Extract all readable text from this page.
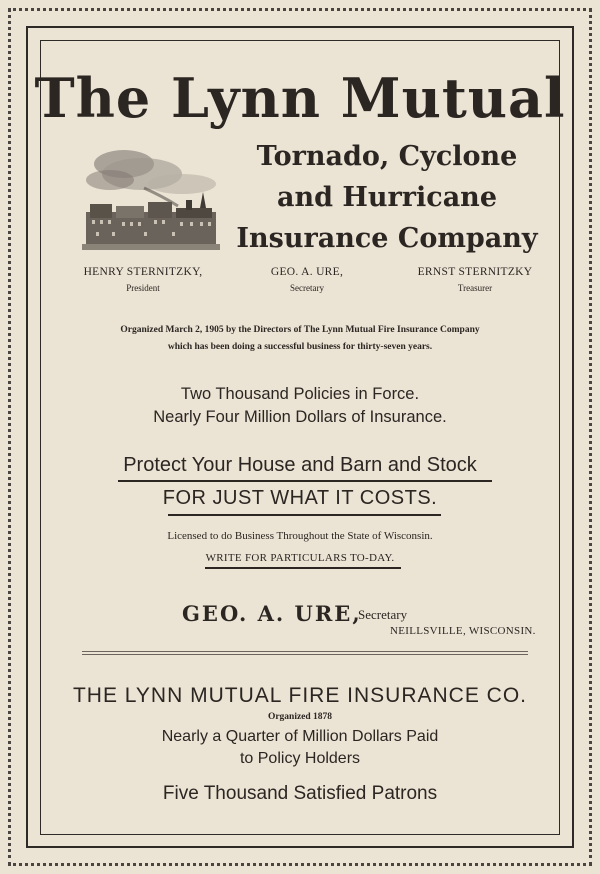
The Lynn Mutual
Tornado, Cyclone
and Hurricane
Insurance Company
HENRY STERNITZKY,
President
GEO. A. URE,
Secretary
ERNST STERNITZKY
Treasurer
Organized March 2, 1905 by the Directors of The Lynn Mutual Fire Insurance Company
which has been doing a successful business for thirty-seven years.
Two Thousand Policies in Force.
Nearly Four Million Dollars of Insurance.
Protect Your House and Barn and Stock
FOR JUST WHAT IT COSTS.
Licensed to do Business Throughout the State of Wisconsin.
WRITE FOR PARTICULARS TO-DAY.
GEO. A. URE,
Secretary
NEILLSVILLE, WISCONSIN.
THE LYNN MUTUAL FIRE INSURANCE CO.
Organized 1878
Nearly a Quarter of Million Dollars Paid
to Policy Holders
Five Thousand Satisfied Patrons
